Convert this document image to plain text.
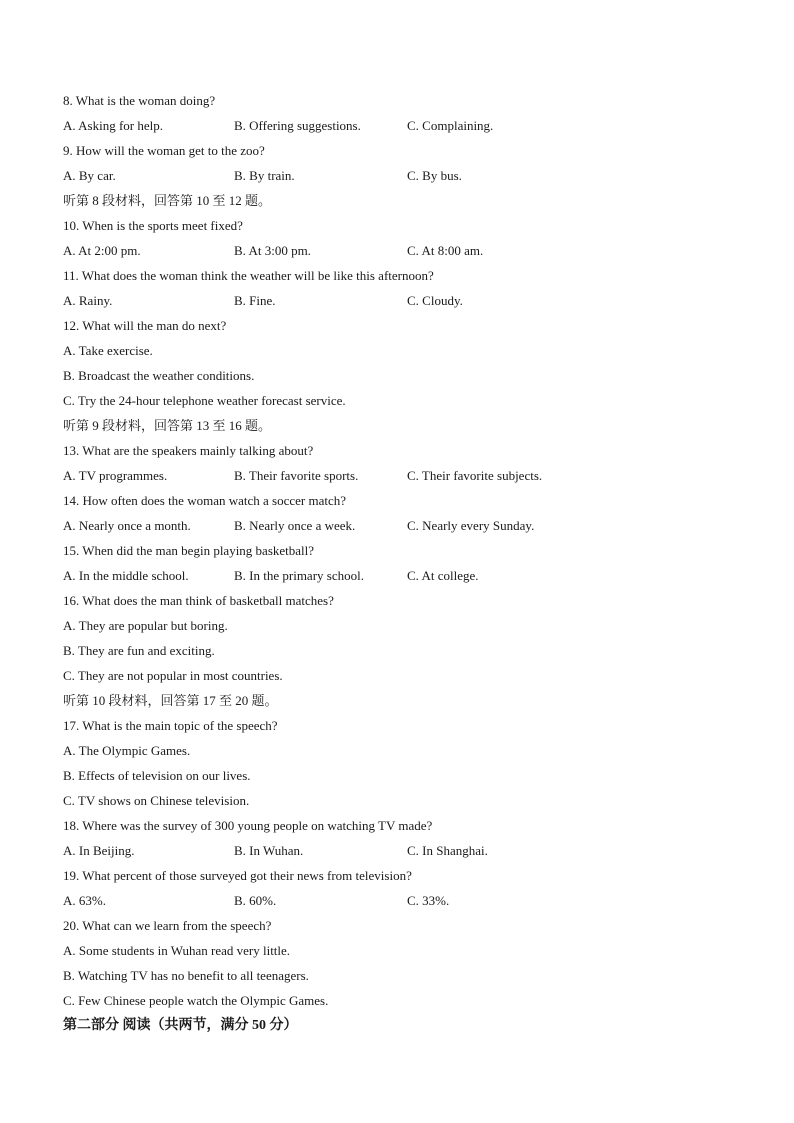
8. What is the woman doing?
A. Asking for help.	B. Offering suggestions.	C. Complaining.
9. How will the woman get to the zoo?
A. By car.	B. By train.	C. By bus.
听第 8 段材料，回答第 10 至 12 题。
10. When is the sports meet fixed?
A. At 2:00 pm.	B. At 3:00 pm.	C. At 8:00 am.
11. What does the woman think the weather will be like this afternoon?
A. Rainy.	B. Fine.	C. Cloudy.
12. What will the man do next?
A. Take exercise.
B. Broadcast the weather conditions.
C. Try the 24-hour telephone weather forecast service.
听第 9 段材料，回答第 13 至 16 题。
13. What are the speakers mainly talking about?
A. TV programmes.	B. Their favorite sports.	C. Their favorite subjects.
14. How often does the woman watch a soccer match?
A. Nearly once a month.	B. Nearly once a week.	C. Nearly every Sunday.
15. When did the man begin playing basketball?
A. In the middle school.	B. In the primary school.	C. At college.
16. What does the man think of basketball matches?
A. They are popular but boring.
B. They are fun and exciting.
C. They are not popular in most countries.
听第 10 段材料，回答第 17 至 20 题。
17. What is the main topic of the speech?
A. The Olympic Games.
B. Effects of television on our lives.
C. TV shows on Chinese television.
18. Where was the survey of 300 young people on watching TV made?
A. In Beijing.	B. In Wuhan.	C. In Shanghai.
19. What percent of those surveyed got their news from television?
A. 63%.	B. 60%.	C. 33%.
20. What can we learn from the speech?
A. Some students in Wuhan read very little.
B. Watching TV has no benefit to all teenagers.
C. Few Chinese people watch the Olympic Games.
第二部分 阅读（共两节，满分 50 分）
